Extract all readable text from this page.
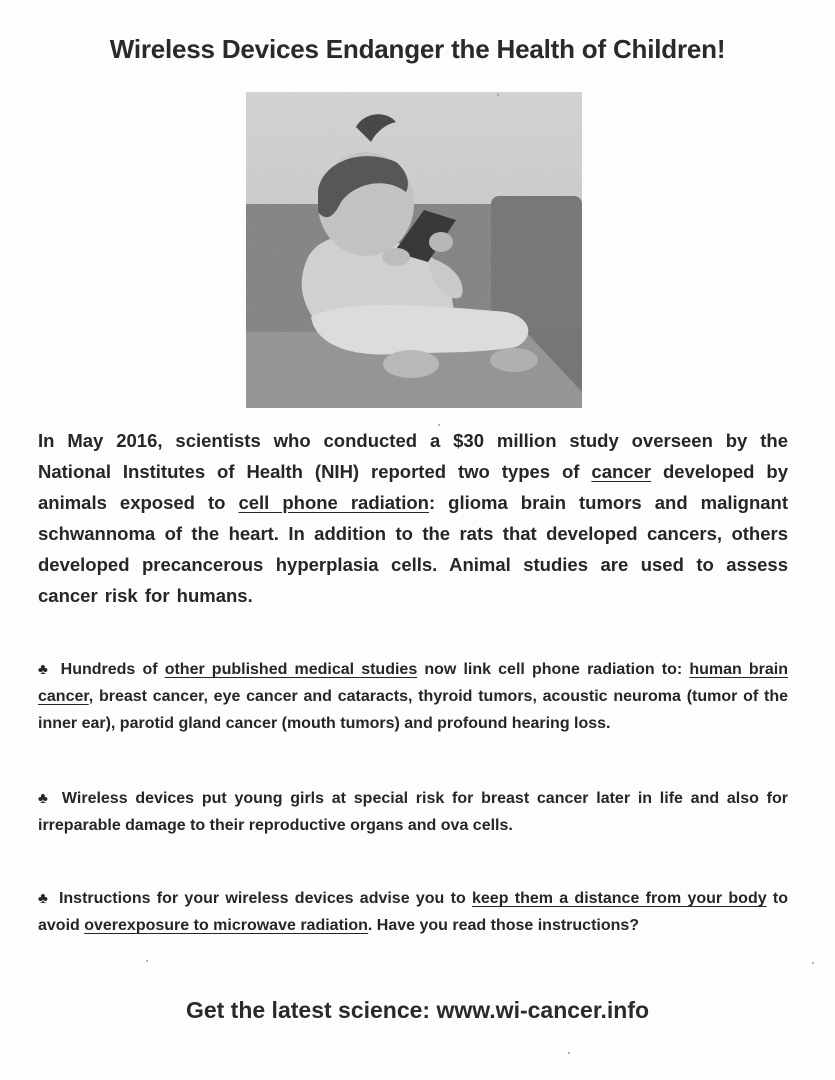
Wireless Devices Endanger the Health of Children!

In May 2016, scientists who conducted a $30 million study overseen by the National Institutes of Health (NIH) reported two types of cancer developed by animals exposed to cell phone radiation: glioma brain tumors and malignant schwannoma of the heart. In addition to the rats that developed cancers, others developed precancerous hyperplasia cells. Animal studies are used to assess cancer risk for humans.

♣ Hundreds of other published medical studies now link cell phone radiation to: human brain cancer, breast cancer, eye cancer and cataracts, thyroid tumors, acoustic neuroma (tumor of the inner ear), parotid gland cancer (mouth tumors) and profound hearing loss.

♣ Wireless devices put young girls at special risk for breast cancer later in life and also for irreparable damage to their reproductive organs and ova cells.

♣ Instructions for your wireless devices advise you to keep them a distance from your body to avoid overexposure to microwave radiation. Have you read those instructions?

Get the latest science: www.wi-cancer.info
